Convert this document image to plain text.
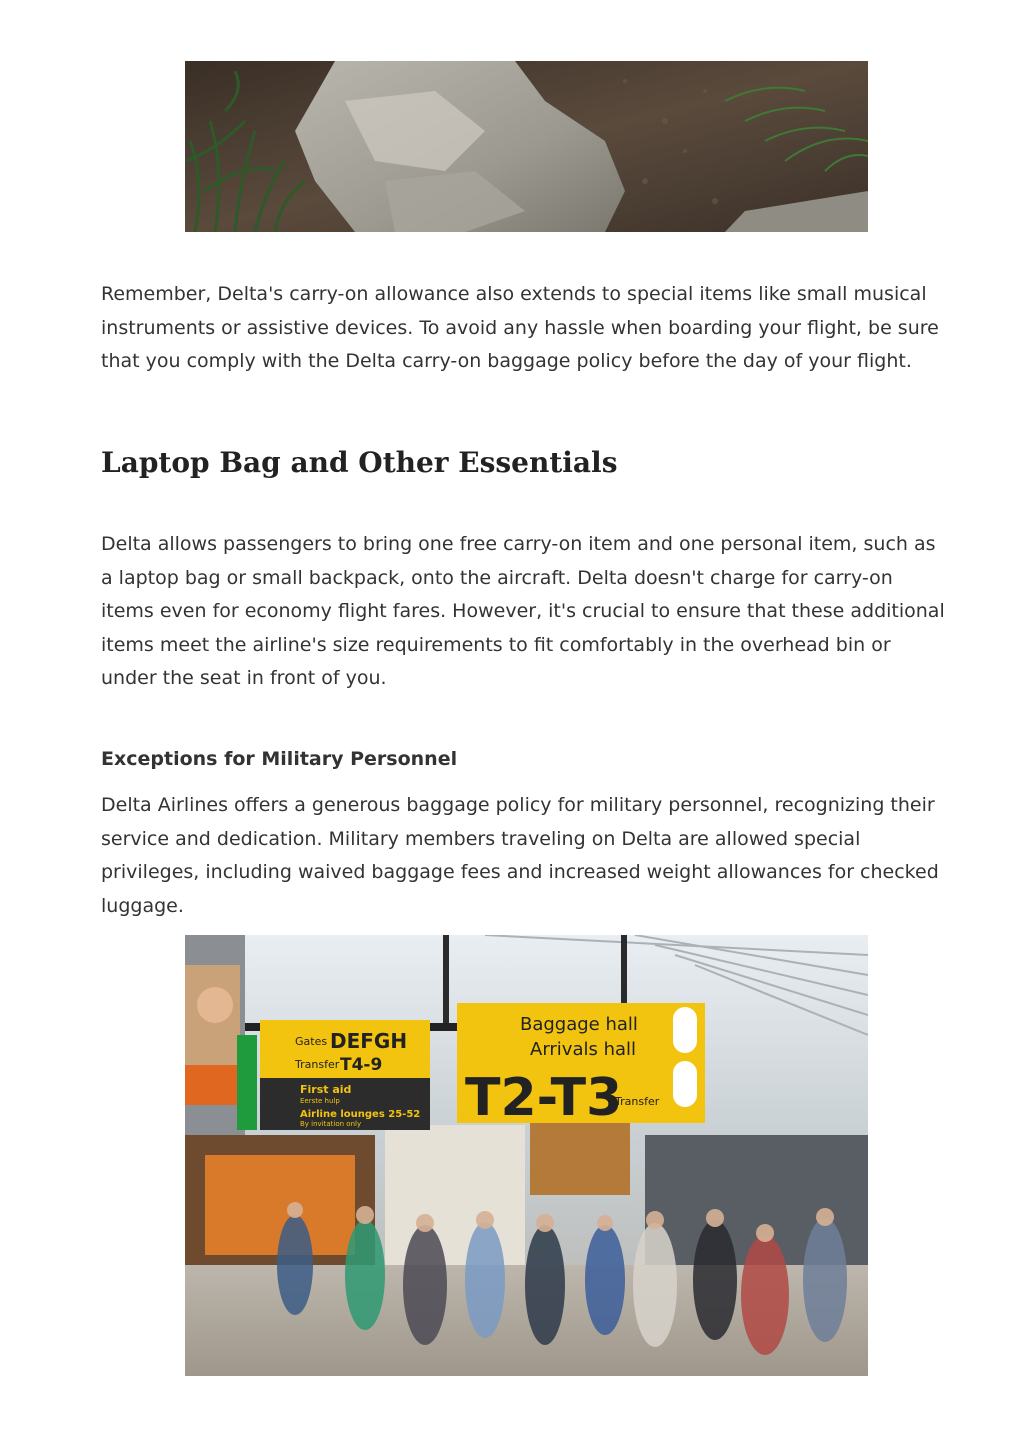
Remember, Delta's carry-on allowance also extends to special items like small musical instruments or assistive devices. To avoid any hassle when boarding your flight, be sure that you comply with the Delta carry-on baggage policy before the day of your flight.

Laptop Bag and Other Essentials

Delta allows passengers to bring one free carry-on item and one personal item, such as a laptop bag or small backpack, onto the aircraft. Delta doesn't charge for carry-on items even for economy flight fares. However, it's crucial to ensure that these additional items meet the airline's size requirements to fit comfortably in the overhead bin or under the seat in front of you.

Exceptions for Military Personnel

Delta Airlines offers a generous baggage policy for military personnel, recognizing their service and dedication. Military members traveling on Delta are allowed special privileges, including waived baggage fees and increased weight allowances for checked luggage.

Gates DEFGH
Transfer T4-9
First aid
Eerste hulp
Airline lounges 25-52
By invitation only
Baggage hall
Arrivals hall
T2-T3
Transfer
